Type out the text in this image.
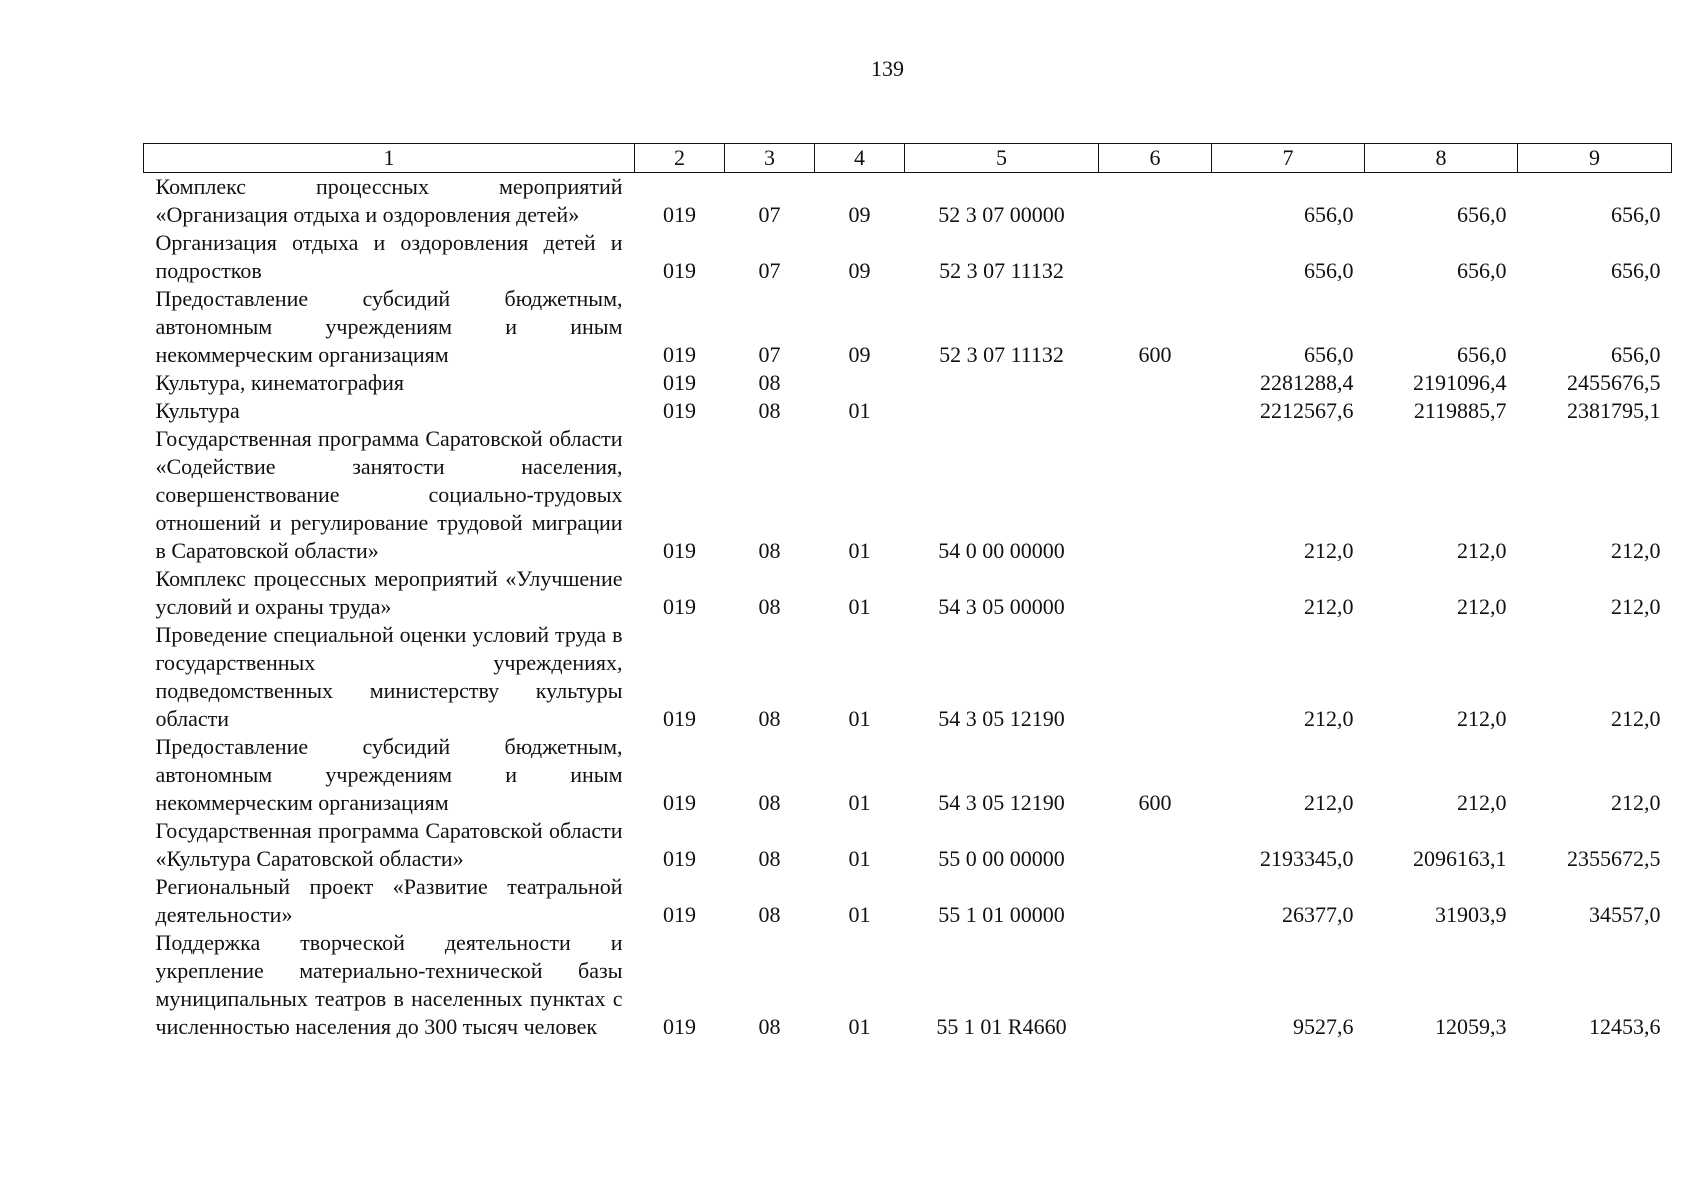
139
1	2	3	4	5	6	7	8	9
Комплекс процессных мероприятий «Организация отдыха и оздоровления детей»	019	07	09	52 3 07 00000		656,0	656,0	656,0
Организация отдыха и оздоровления детей и подростков	019	07	09	52 3 07 11132		656,0	656,0	656,0
Предоставление субсидий бюджетным, автономным учреждениям и иным некоммерческим организациям	019	07	09	52 3 07 11132	600	656,0	656,0	656,0
Культура, кинематография	019	08				2281288,4	2191096,4	2455676,5
Культура	019	08	01			2212567,6	2119885,7	2381795,1
Государственная программа Саратовской области «Содействие занятости населения, совершенствование социально-трудовых отношений и регулирование трудовой миграции в Саратовской области»	019	08	01	54 0 00 00000		212,0	212,0	212,0
Комплекс процессных мероприятий «Улучшение условий и охраны труда»	019	08	01	54 3 05 00000		212,0	212,0	212,0
Проведение специальной оценки условий труда в государственных учреждениях, подведомственных министерству культуры области	019	08	01	54 3 05 12190		212,0	212,0	212,0
Предоставление субсидий бюджетным, автономным учреждениям и иным некоммерческим организациям	019	08	01	54 3 05 12190	600	212,0	212,0	212,0
Государственная программа Саратовской области «Культура Саратовской области»	019	08	01	55 0 00 00000		2193345,0	2096163,1	2355672,5
Региональный проект «Развитие театральной деятельности»	019	08	01	55 1 01 00000		26377,0	31903,9	34557,0
Поддержка творческой деятельности и укрепление материально-технической базы муниципальных театров в населенных пунктах с численностью населения до 300 тысяч человек	019	08	01	55 1 01 R4660		9527,6	12059,3	12453,6
